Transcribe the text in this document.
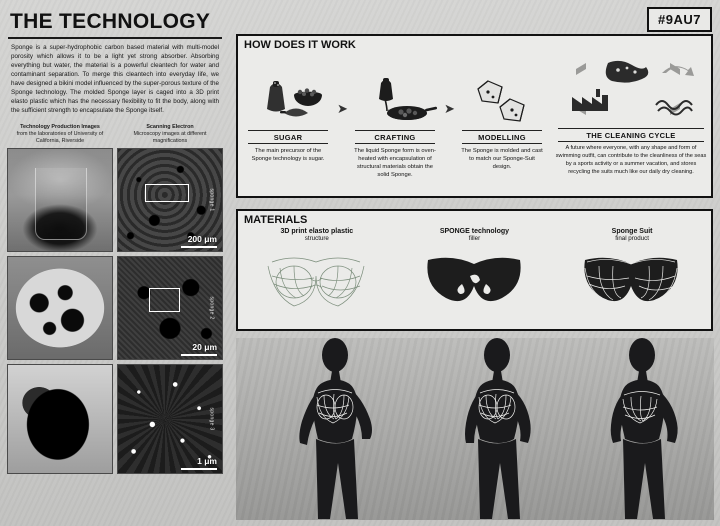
THE TECHNOLOGY
Sponge is a super-hydrophobic carbon based material with multi-model porosity which allows it to be a light yet strong absorber. Absorbing everything but water, the material is a powerful cleantech for water and contaminant separation. To merge this cleantech into everyday life, we have designed a bikini model influenced by the super-porous texture of the Sponge technology. The molded Sponge layer is caged into a 3D print elasto plastic which has the necessary flexibility to fit the body, along with the sufficient strength to encapsulate the Sponge itself.
Technology Production Images
from the laboratories of University of California, Riverside
Scanning Electron
Microscopy images at different magnifications
sponge 1
200 μm
sponge 2
20 μm
sponge 3
1 μm
#9AU7
HOW DOES IT WORK
SUGAR
The main precursor of the Sponge technology is sugar.
➤
CRAFTING
The liquid Sponge form is oven-heated with encapsulation of structural materials obtain the solid Sponge.
➤
MODELLING
The Sponge is molded and cast to match our Sponge-Suit design.
THE CLEANING CYCLE
A future where everyone, with any shape and form of swimming outfit, can contribute to the cleanliness of the seas by a sports activity or a summer vacation, and stores recycling the suits much like our daily dry cleaning.
MATERIALS
3D print elasto plastic
structure
SPONGE technology
filler
Sponge Suit
final product
